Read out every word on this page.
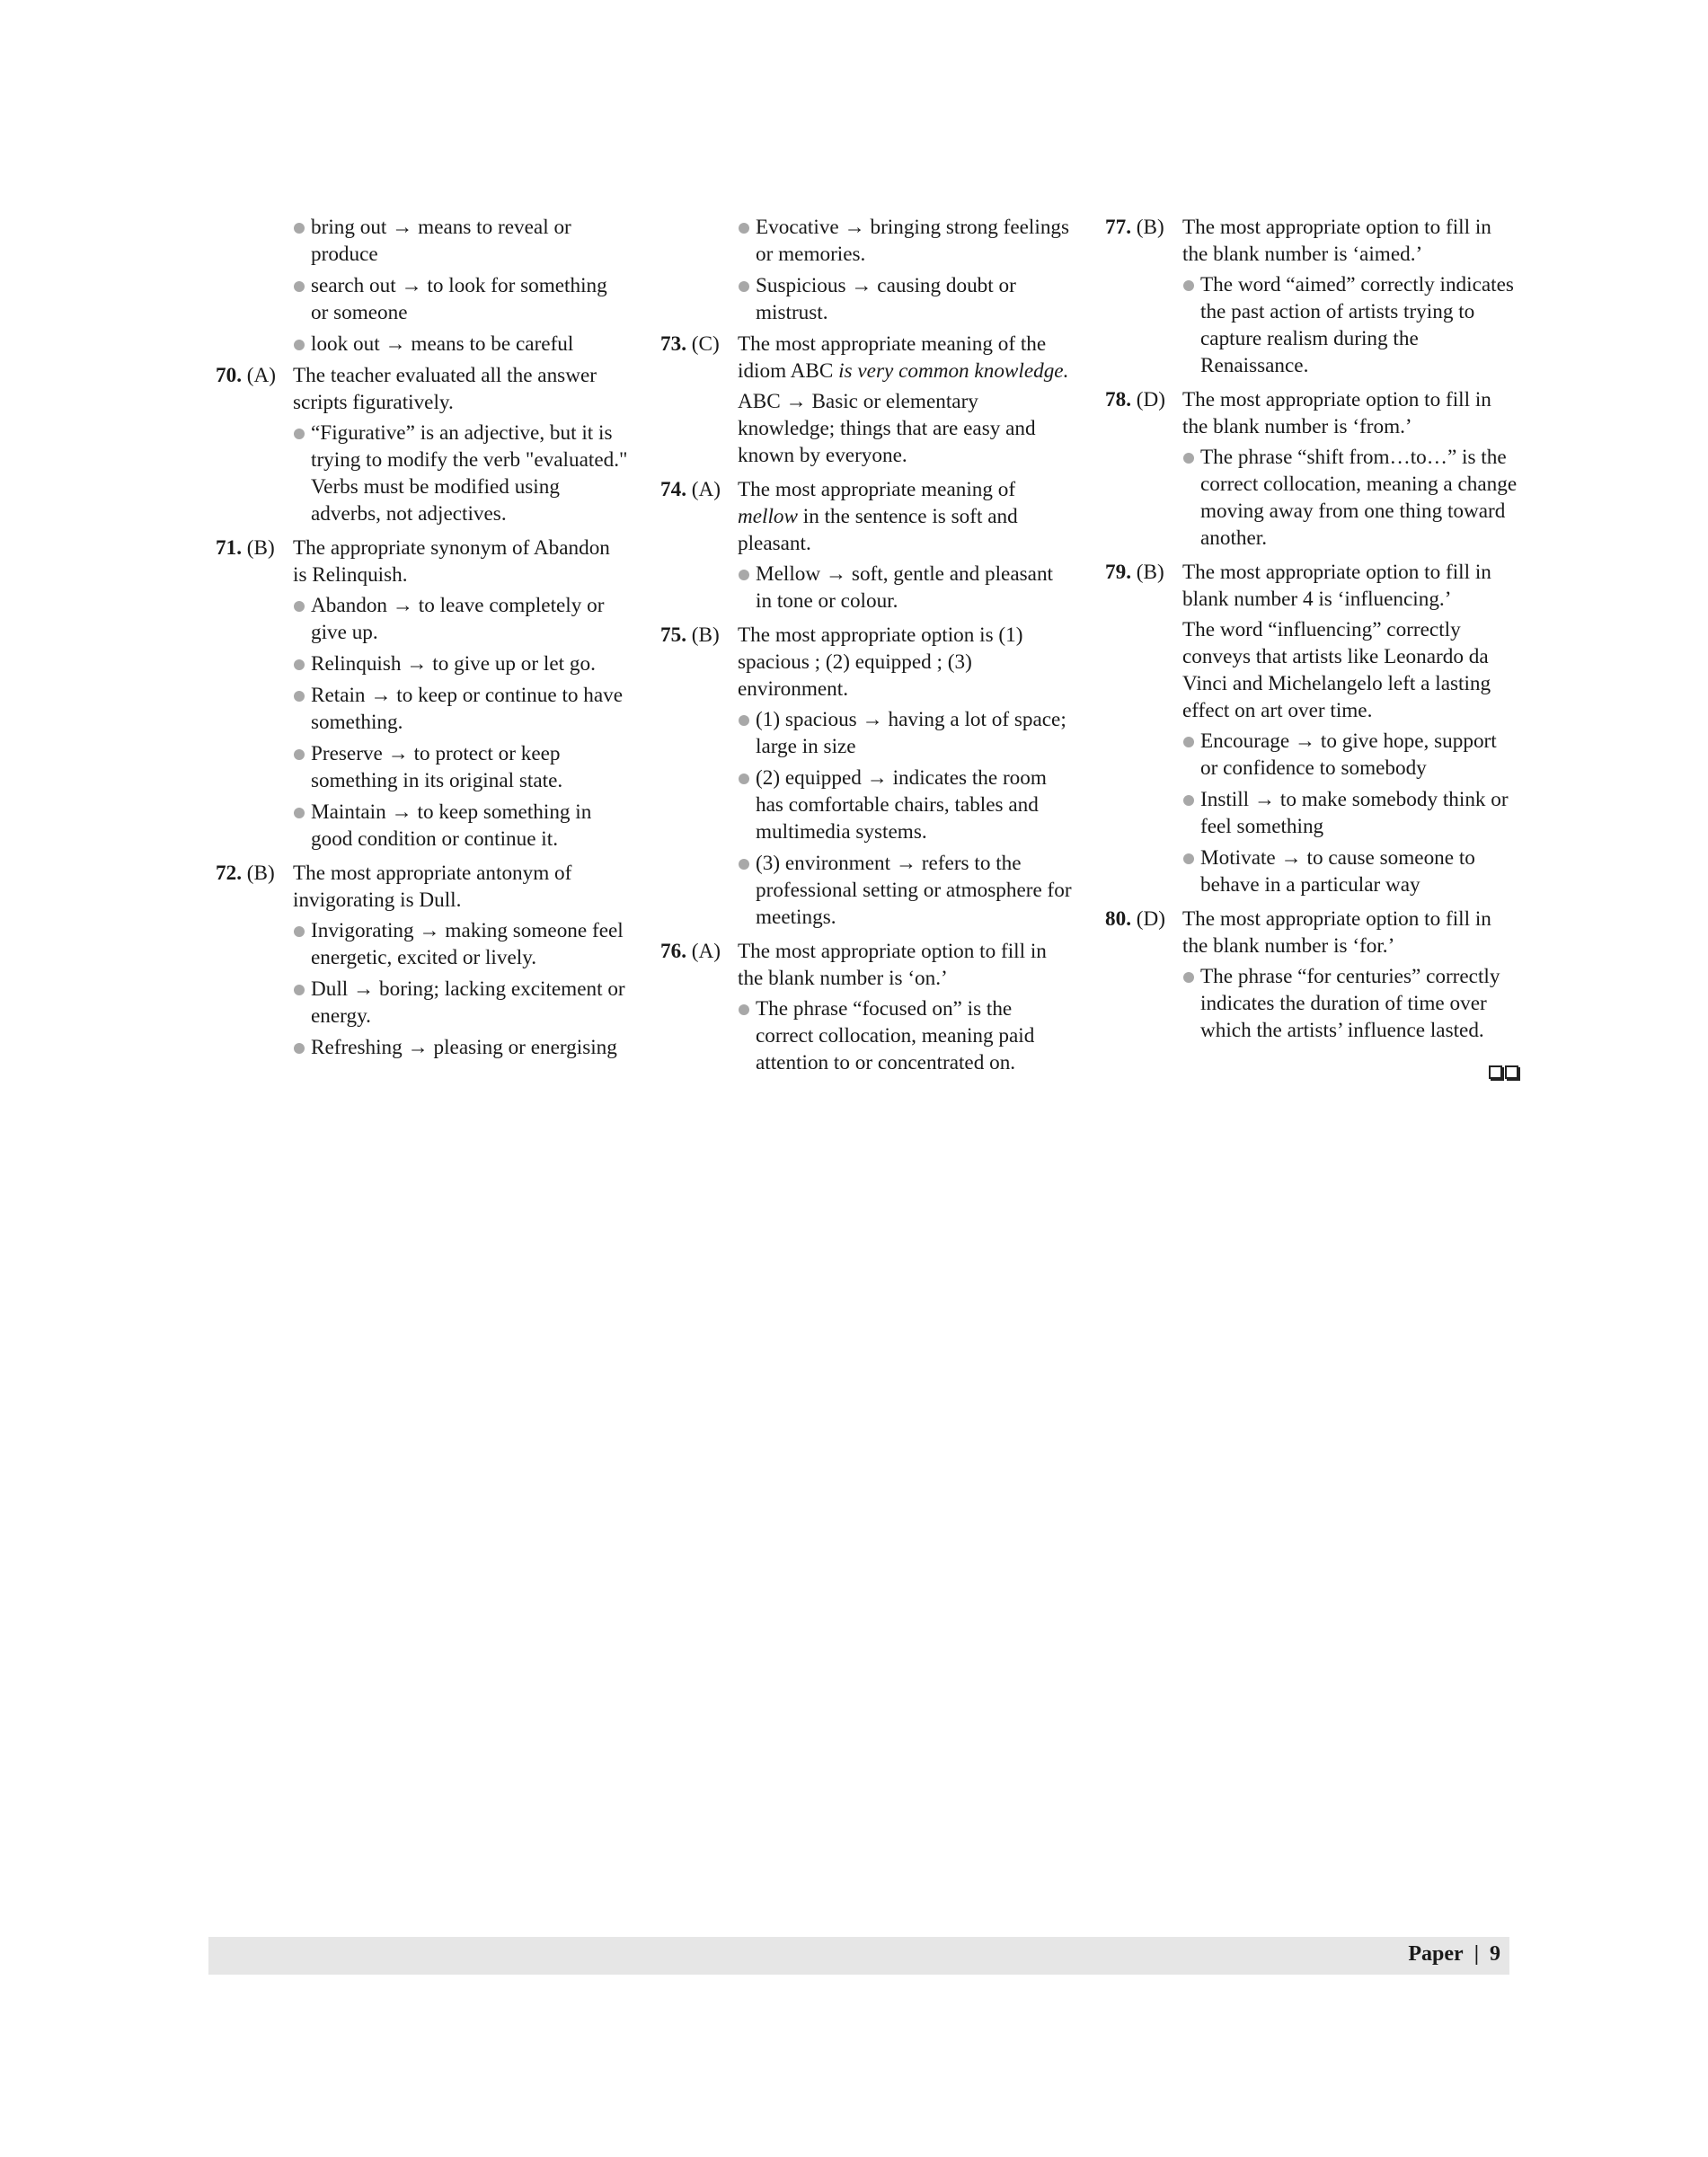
bring out → means to reveal or produce
search out → to look for something or someone
look out → means to be careful
70. (A) The teacher evaluated all the answer scripts figuratively.
“Figurative” is an adjective, but it is trying to modify the verb "evaluated." Verbs must be modified using adverbs, not adjectives.
71. (B) The appropriate synonym of Abandon is Relinquish.
Abandon → to leave completely or give up.
Relinquish → to give up or let go.
Retain → to keep or continue to have something.
Preserve → to protect or keep something in its original state.
Maintain → to keep something in good condition or continue it.
72. (B) The most appropriate antonym of invigorating is Dull.
Invigorating → making someone feel energetic, excited or lively.
Dull → boring; lacking excitement or energy.
Refreshing → pleasing or energising
Evocative → bringing strong feelings or memories.
Suspicious → causing doubt or mistrust.
73. (C) The most appropriate meaning of the idiom ABC is very common knowledge.
ABC → Basic or elementary knowledge; things that are easy and known by everyone.
74. (A) The most appropriate meaning of mellow in the sentence is soft and pleasant.
Mellow → soft, gentle and pleasant in tone or colour.
75. (B) The most appropriate option is (1) spacious ; (2) equipped ; (3) environment.
(1) spacious → having a lot of space; large in size
(2) equipped → indicates the room has comfortable chairs, tables and multimedia systems.
(3) environment → refers to the professional setting or atmosphere for meetings.
76. (A) The most appropriate option to fill in the blank number is ‘on.’
The phrase “focused on” is the correct collocation, meaning paid attention to or concentrated on.
77. (B) The most appropriate option to fill in the blank number is ‘aimed.’
The word “aimed” correctly indicates the past action of artists trying to capture realism during the Renaissance.
78. (D) The most appropriate option to fill in the blank number is ‘from.’
The phrase “shift from…to…” is the correct collocation, meaning a change moving away from one thing toward another.
79. (B) The most appropriate option to fill in blank number 4 is ‘influencing.’
The word “influencing” correctly conveys that artists like Leonardo da Vinci and Michelangelo left a lasting effect on art over time.
Encourage → to give hope, support or confidence to somebody
Instill → to make somebody think or feel something
Motivate → to cause someone to behave in a particular way
80. (D) The most appropriate option to fill in the blank number is ‘for.’
The phrase “for centuries” correctly indicates the duration of time over which the artists’ influence lasted.
Paper | 9
